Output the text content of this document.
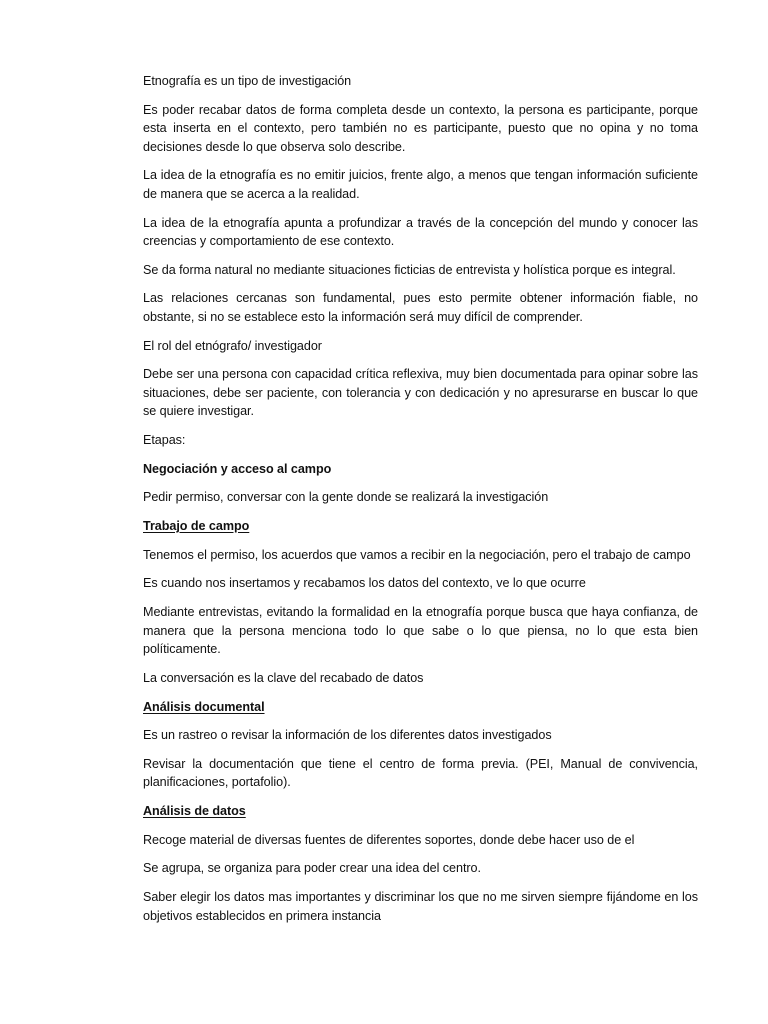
Etnografía es un tipo de investigación

Es poder recabar datos de forma completa desde un contexto, la persona es participante, porque esta inserta en el contexto, pero también no es participante, puesto que no opina y no toma decisiones desde lo que observa solo describe.

La idea de la etnografía es no emitir juicios, frente algo, a menos que tengan información suficiente de manera que se acerca a la realidad.

La idea de la etnografía apunta a profundizar a través de la concepción del mundo y conocer las creencias y comportamiento de ese contexto.

Se da forma natural no mediante situaciones ficticias de entrevista y holística porque es integral.

Las relaciones cercanas son fundamental, pues esto permite obtener información fiable, no obstante, si no se establece esto la información será muy difícil de comprender.

El rol del etnógrafo/ investigador

Debe ser una persona con capacidad crítica reflexiva, muy bien documentada para opinar sobre las situaciones, debe ser paciente, con tolerancia y con dedicación y no apresurarse en buscar lo que se quiere investigar.

Etapas:

Negociación y acceso al campo

Pedir permiso, conversar con la gente donde se realizará la investigación

Trabajo de campo

Tenemos el permiso, los acuerdos que vamos a recibir en la negociación, pero el trabajo de campo

Es cuando nos insertamos y recabamos los datos del contexto, ve lo que ocurre

Mediante entrevistas, evitando la formalidad en la etnografía porque busca que haya confianza, de manera que la persona menciona todo lo que sabe o lo que piensa, no lo que esta bien políticamente.

La conversación es la clave del recabado de datos

Análisis documental

Es un rastreo o revisar la información de los diferentes datos investigados

Revisar la documentación que tiene el centro de forma previa. (PEI, Manual de convivencia, planificaciones, portafolio).

Análisis de datos

Recoge material de diversas fuentes de diferentes soportes, donde debe hacer uso de el

Se agrupa, se organiza para poder crear una idea del centro.

Saber elegir los datos mas importantes y discriminar los que no me sirven siempre fijándome en los objetivos establecidos en primera instancia
